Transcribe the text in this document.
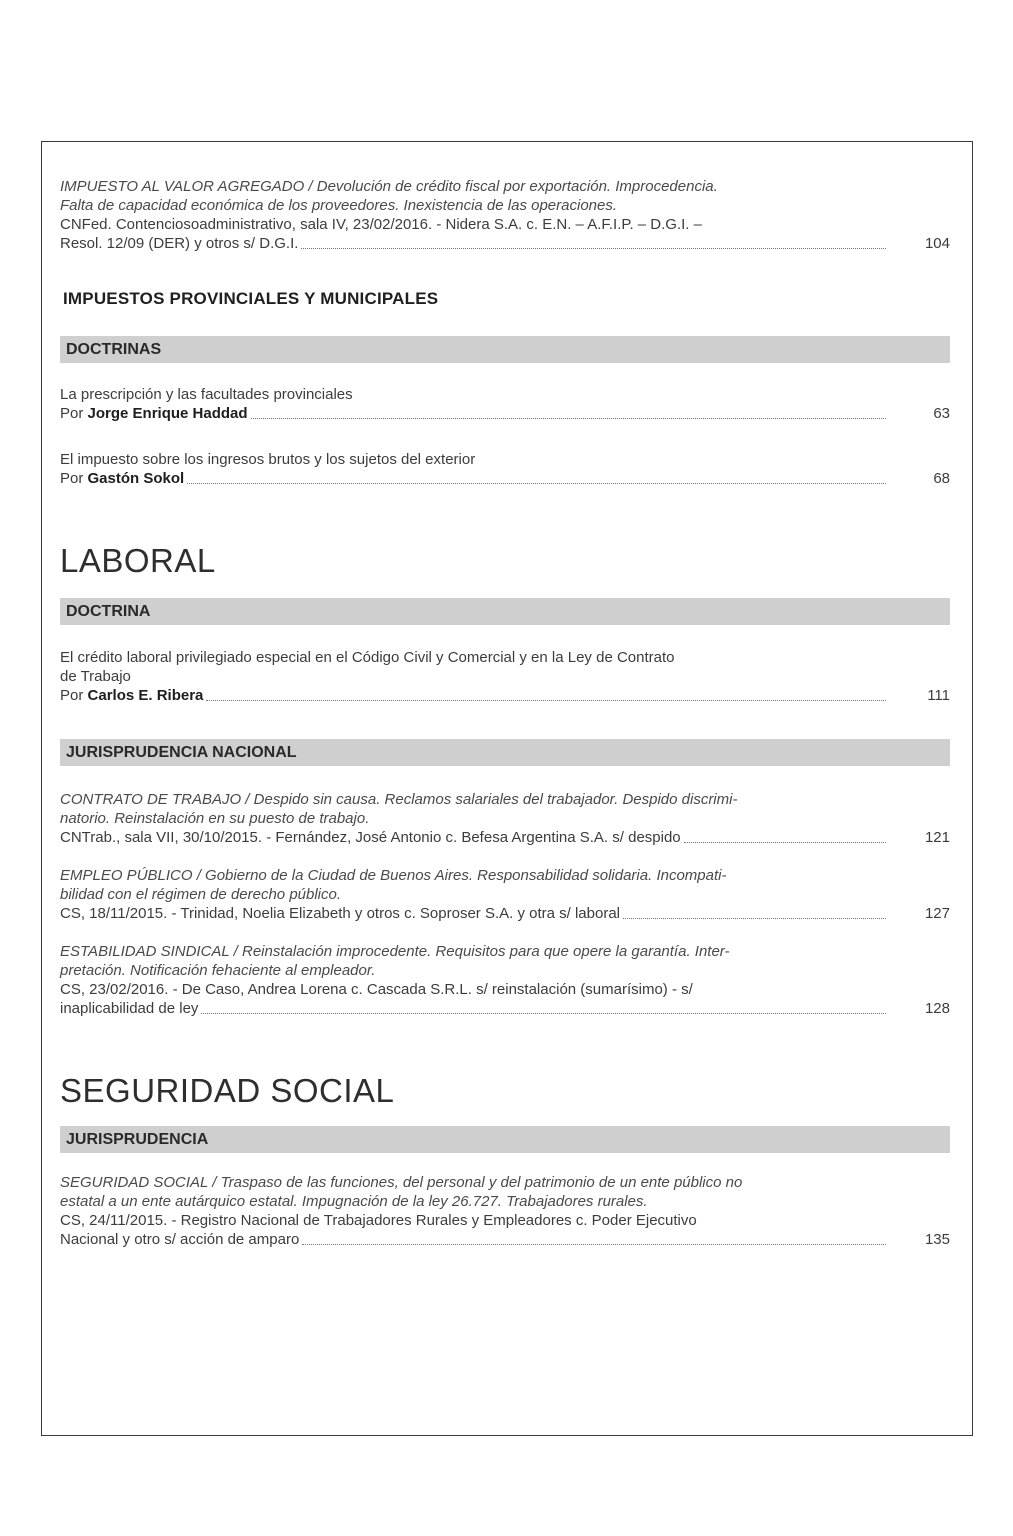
IMPUESTO AL VALOR AGREGADO / Devolución de crédito fiscal por exportación. Improcedencia.
Falta de capacidad económica de los proveedores. Inexistencia de las operaciones.
CNFed. Contenciosoadministrativo, sala IV, 23/02/2016. - Nidera S.A. c. E.N. – A.F.I.P. – D.G.I. –
Resol. 12/09 (DER) y otros s/ D.G.I.	104
IMPUESTOS PROVINCIALES Y MUNICIPALES
DOCTRINAS
La prescripción y las facultades provinciales
Por Jorge Enrique Haddad	63
El impuesto sobre los ingresos brutos y los sujetos del exterior
Por Gastón Sokol	68
LABORAL
DOCTRINA
El crédito laboral privilegiado especial en el Código Civil y Comercial y en la Ley de Contrato
de Trabajo
Por Carlos E. Ribera	111
JURISPRUDENCIA NACIONAL
CONTRATO DE TRABAJO / Despido sin causa. Reclamos salariales del trabajador. Despido discrimi-
natorio. Reinstalación en su puesto de trabajo.
CNTrab., sala VII, 30/10/2015. - Fernández, José Antonio c. Befesa Argentina S.A. s/ despido	121
EMPLEO PÚBLICO / Gobierno de la Ciudad de Buenos Aires. Responsabilidad solidaria. Incompati-
bilidad con el régimen de derecho público.
CS, 18/11/2015. - Trinidad, Noelia Elizabeth y otros c. Soproser S.A. y otra s/ laboral	127
ESTABILIDAD SINDICAL / Reinstalación improcedente. Requisitos para que opere la garantía. Inter-
pretación. Notificación fehaciente al empleador.
CS, 23/02/2016. - De Caso, Andrea Lorena c. Cascada S.R.L. s/ reinstalación (sumarísimo) - s/
inaplicabilidad de ley	128
SEGURIDAD SOCIAL
JURISPRUDENCIA
SEGURIDAD SOCIAL / Traspaso de las funciones, del personal y del patrimonio de un ente público no
estatal a un ente autárquico estatal. Impugnación de la ley 26.727. Trabajadores rurales.
CS, 24/11/2015. - Registro Nacional de Trabajadores Rurales y Empleadores c. Poder Ejecutivo
Nacional y otro s/ acción de amparo	135
